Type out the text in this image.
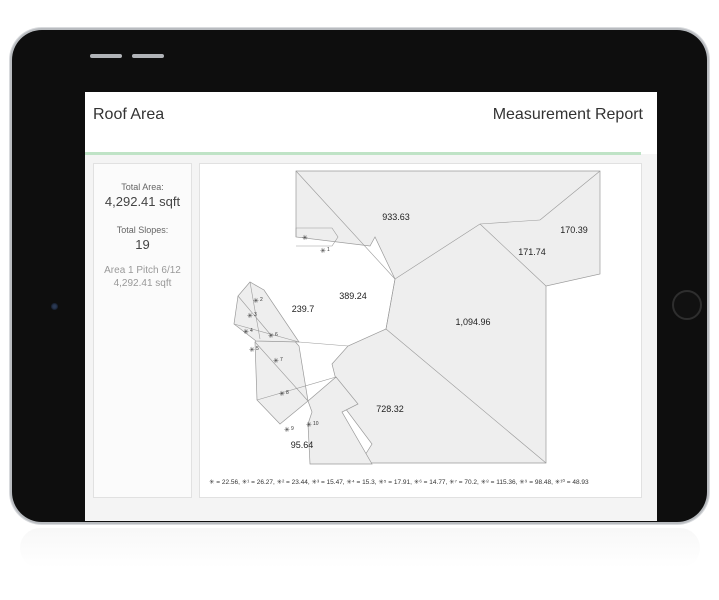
Roof Area	Measurement Report
Total Area:
4,292.41 sqft
Total Slopes:
19
Area 1 Pitch 6/12
4,292.41 sqft
933.63
170.39
171.74
389.24
239.7
1,094.96
728.32
95.64
✳
✳ 1
✳ 2
✳ 3
✳ 4
✳ 5
✳ 6
✳ 7
✳ 8
✳ 9 ✳ 10
✳ = 22.56, ✳¹ = 26.27, ✳² = 23.44, ✳³ = 15.47, ✳⁴ = 15.3, ✳⁵ = 17.91, ✳⁶ = 14.77, ✳⁷ = 70.2, ✳⁸ = 115.36, ✳⁹ = 98.48, ✳¹⁰ = 48.93
